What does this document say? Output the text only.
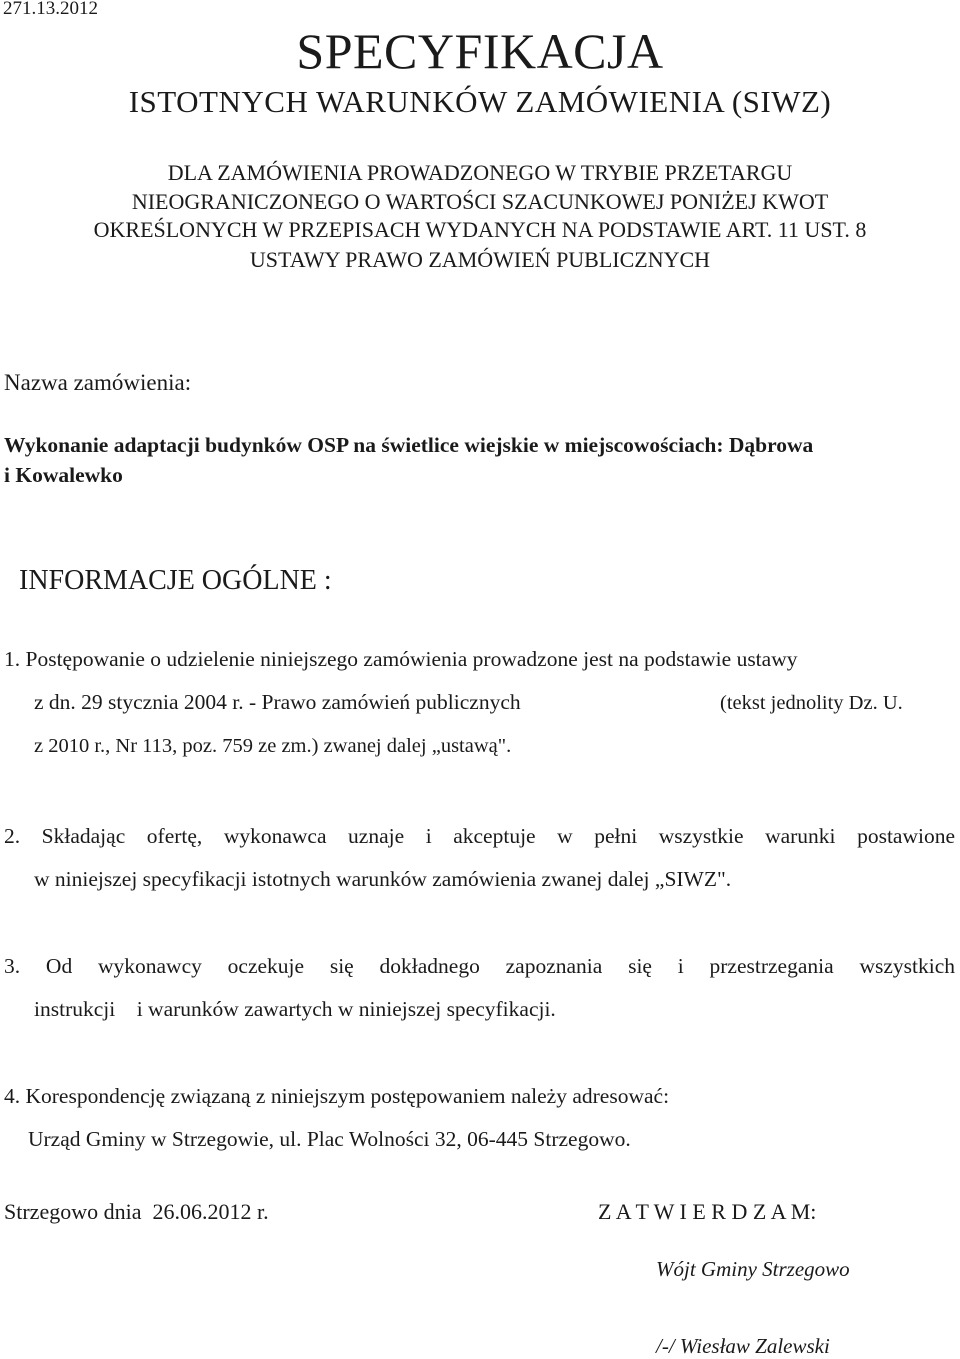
271.13.2012
SPECYFIKACJA
ISTOTNYCH WARUNKÓW ZAMÓWIENIA (SIWZ)
DLA ZAMÓWIENIA PROWADZONEGO W TRYBIE PRZETARGU
NIEOGRANICZONEGO O WARTOŚCI SZACUNKOWEJ PONIŻEJ KWOT
OKREŚLONYCH W PRZEPISACH WYDANYCH NA PODSTAWIE ART. 11 UST. 8
USTAWY PRAWO ZAMÓWIEŃ PUBLICZNYCH
Nazwa zamówienia:
Wykonanie adaptacji budynków OSP na świetlice wiejskie w miejscowościach: Dąbrowa
i Kowalewko
INFORMACJE OGÓLNE :
1. Postępowanie o udzielenie niniejszego zamówienia prowadzone jest na podstawie ustawy
z dn. 29 stycznia 2004 r. - Prawo zamówień publicznych	(tekst jednolity Dz. U.
z 2010 r., Nr 113, poz. 759 ze zm.) zwanej dalej „ustawą".
2. Składając ofertę, wykonawca uznaje i akceptuje w pełni wszystkie warunki postawione
w niniejszej specyfikacji istotnych warunków zamówienia zwanej dalej „SIWZ".
3. Od wykonawcy oczekuje się dokładnego zapoznania się i przestrzegania wszystkich
instrukcji    i warunków zawartych w niniejszej specyfikacji.
4. Korespondencję związaną z niniejszym postępowaniem należy adresować:
Urząd Gminy w Strzegowie, ul. Plac Wolności 32, 06-445 Strzegowo.
Strzegowo dnia  26.06.2012 r.	Z A T W I E R D Z A M:
Wójt Gminy Strzegowo
/-/ Wiesław Zalewski
